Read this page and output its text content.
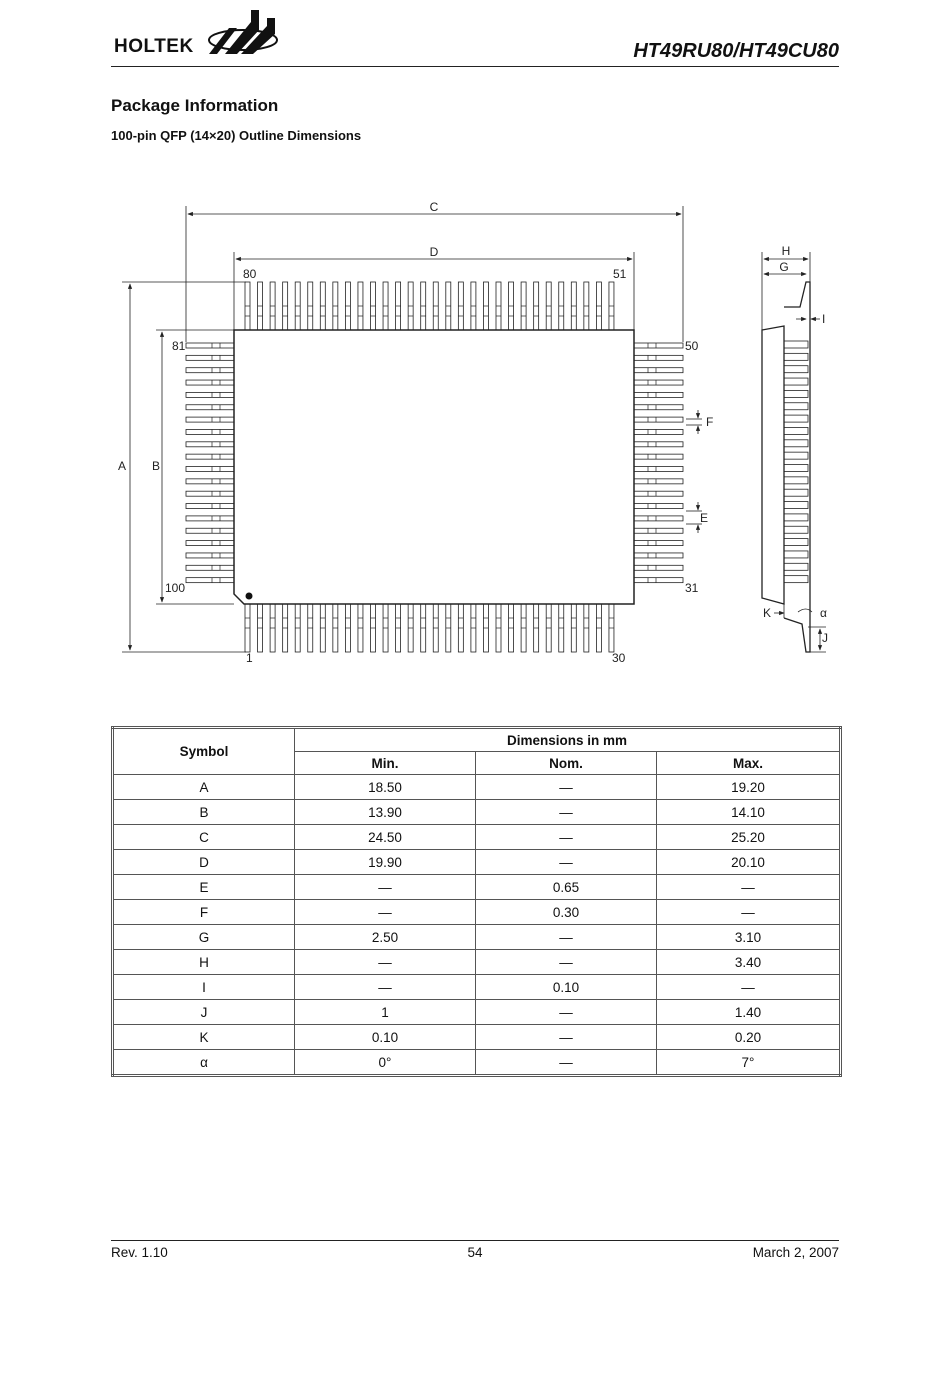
HOLTEK	HT49RU80/HT49CU80
Package Information
100-pin QFP (14×20) Outline Dimensions
C
D
A B
F
E
H
G
I
K	α
J
80	51
81	50
100	31
1	30
Symbol	Dimensions in mm		
	Min.	Nom.	Max.
A	18.50	—	19.20
B	13.90	—	14.10
C	24.50	—	25.20
D	19.90	—	20.10
E	—	0.65	—
F	—	0.30	—
G	2.50	—	3.10
H	—	—	3.40
I	—	0.10	—
J	1	—	1.40
K	0.10	—	0.20
α	0°	—	7°
Rev. 1.10	54	March 2, 2007
